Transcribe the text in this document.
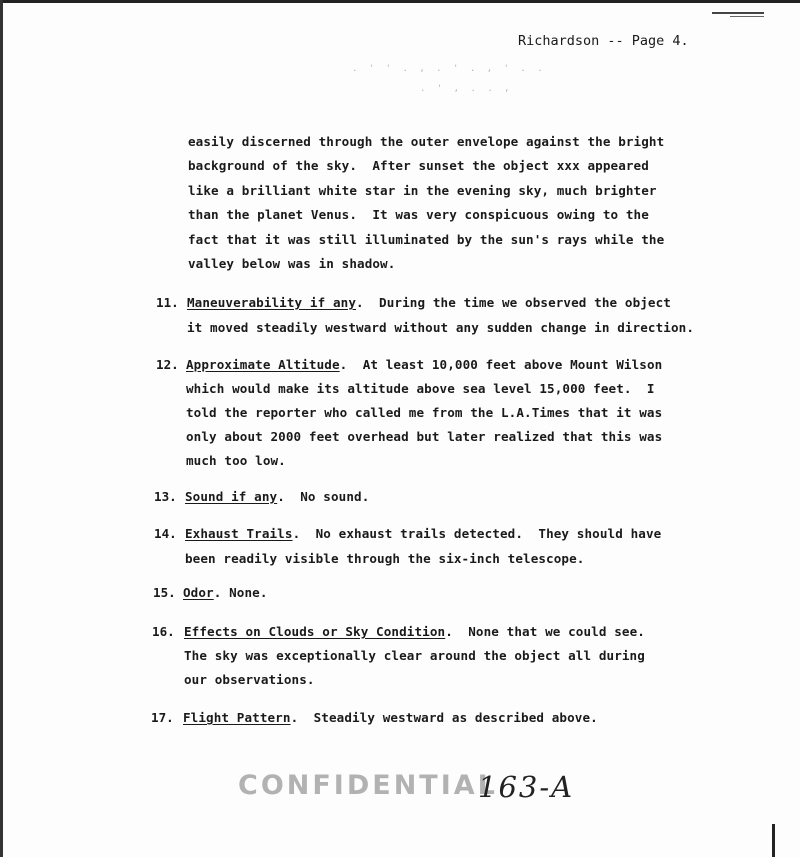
. ' ' . , . ' . , ' . .
. ' , . . ,
Richardson -- Page 4.
easily discerned through the outer envelope against the bright
background of the sky.  After sunset the object xxx appeared
like a brilliant white star in the evening sky, much brighter
than the planet Venus.  It was very conspicuous owing to the
fact that it was still illuminated by the sun's rays while the
valley below was in shadow.
11. Maneuverability if any.  During the time we observed the object
it moved steadily westward without any sudden change in direction.
12. Approximate Altitude.  At least 10,000 feet above Mount Wilson
which would make its altitude above sea level 15,000 feet.  I
told the reporter who called me from the L.A.Times that it was
only about 2000 feet overhead but later realized that this was
much too low.
13. Sound if any.  No sound.
14. Exhaust Trails.  No exhaust trails detected.  They should have
been readily visible through the six-inch telescope.
15. Odor. None.
16. Effects on Clouds or Sky Condition.  None that we could see.
The sky was exceptionally clear around the object all during
our observations.
17. Flight Pattern.  Steadily westward as described above.
CONFIDENTIAL
163-A
